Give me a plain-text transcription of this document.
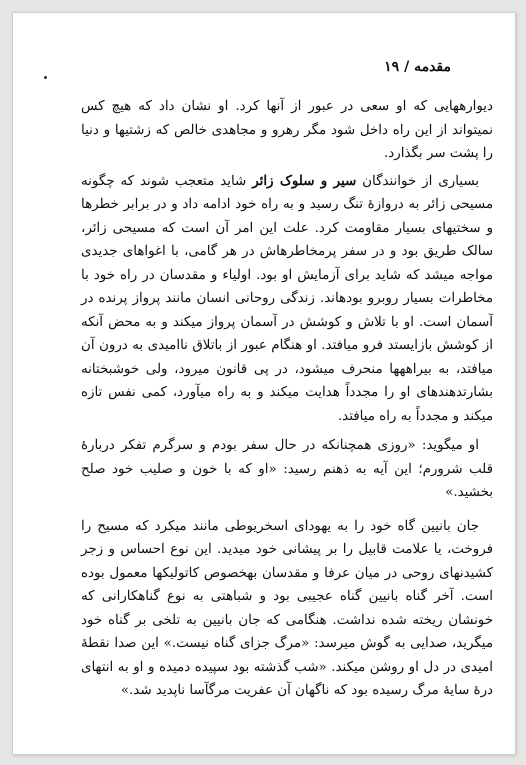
مقدمه / ۱۹

دیوارههایی که او سعی در عبور از آنها کرد. او نشان داد که هیچ کس نمیتواند از این راه داخل شود مگر رهرو و مجاهدی خالص که زشتیها و دنیا را پشت سر بگذارد.

بسیاری از خوانندگان سیر و سلوک زائر شاید متعجب شوند که چگونه مسیحی زائر به دروازهٔ تنگ رسید و به راه خود ادامه داد و در برابر خطرها و سختیهای بسیار مقاومت کرد. علت این امر آن است که مسیحی زائر، سالک طریق بود و در سفر پرمخاطرهاش در هر گامی، با اغواهای جدیدی مواجه میشد که شاید برای آزمایش او بود. اولیاء و مقدسان در راه خود با مخاطرات بسیار روبرو بودهاند. زندگی روحانی انسان مانند پرواز پرنده در آسمان است. او با تلاش و کوشش در آسمان پرواز میکند و به محض آنکه از کوشش بازایستد فرو میافتد. او هنگام عبور از باتلاق ناامیدی به درون آن میافتد، به بیراههها منحرف میشود، در پی قانون میرود، ولی خوشبختانه بشارتدهندهای او را مجدداً هدایت میکند و به راه میآورد، کمی نفس تازه میکند و مجدداً به راه میافتد.

او میگوید: «روزی همچنانکه در حال سفر بودم و سرگرم تفکر دربارهٔ قلب شرورم؛ این آیه به ذهنم رسید: «او که با خون و صلیب خود صلح بخشید.»

جان بانیین گاه خود را به یهودای اسخریوطی مانند میکرد که مسیح را فروخت، یا علامت قابیل را بر پیشانی خود میدید. این نوع احساس و زجر کشیدنهای روحی در میان عرفا و مقدسان بهخصوص کاتولیکها معمول بوده است. آخر گناه بانیین گناه عجیبی بود و شباهتی به نوع گناهکارانی که خونشان ریخته شده نداشت. هنگامی که جان بانیین به تلخی بر گناه خود میگرید، صدایی به گوش میرسد: «مرگ جزای گناه نیست.» این صدا نقطهٔ امیدی در دل او روشن میکند. «شب گذشته بود سپیده دمیده و او به انتهای درهٔ سایهٔ مرگ رسیده بود که ناگهان آن عفریت مرگآسا ناپدید شد.»
